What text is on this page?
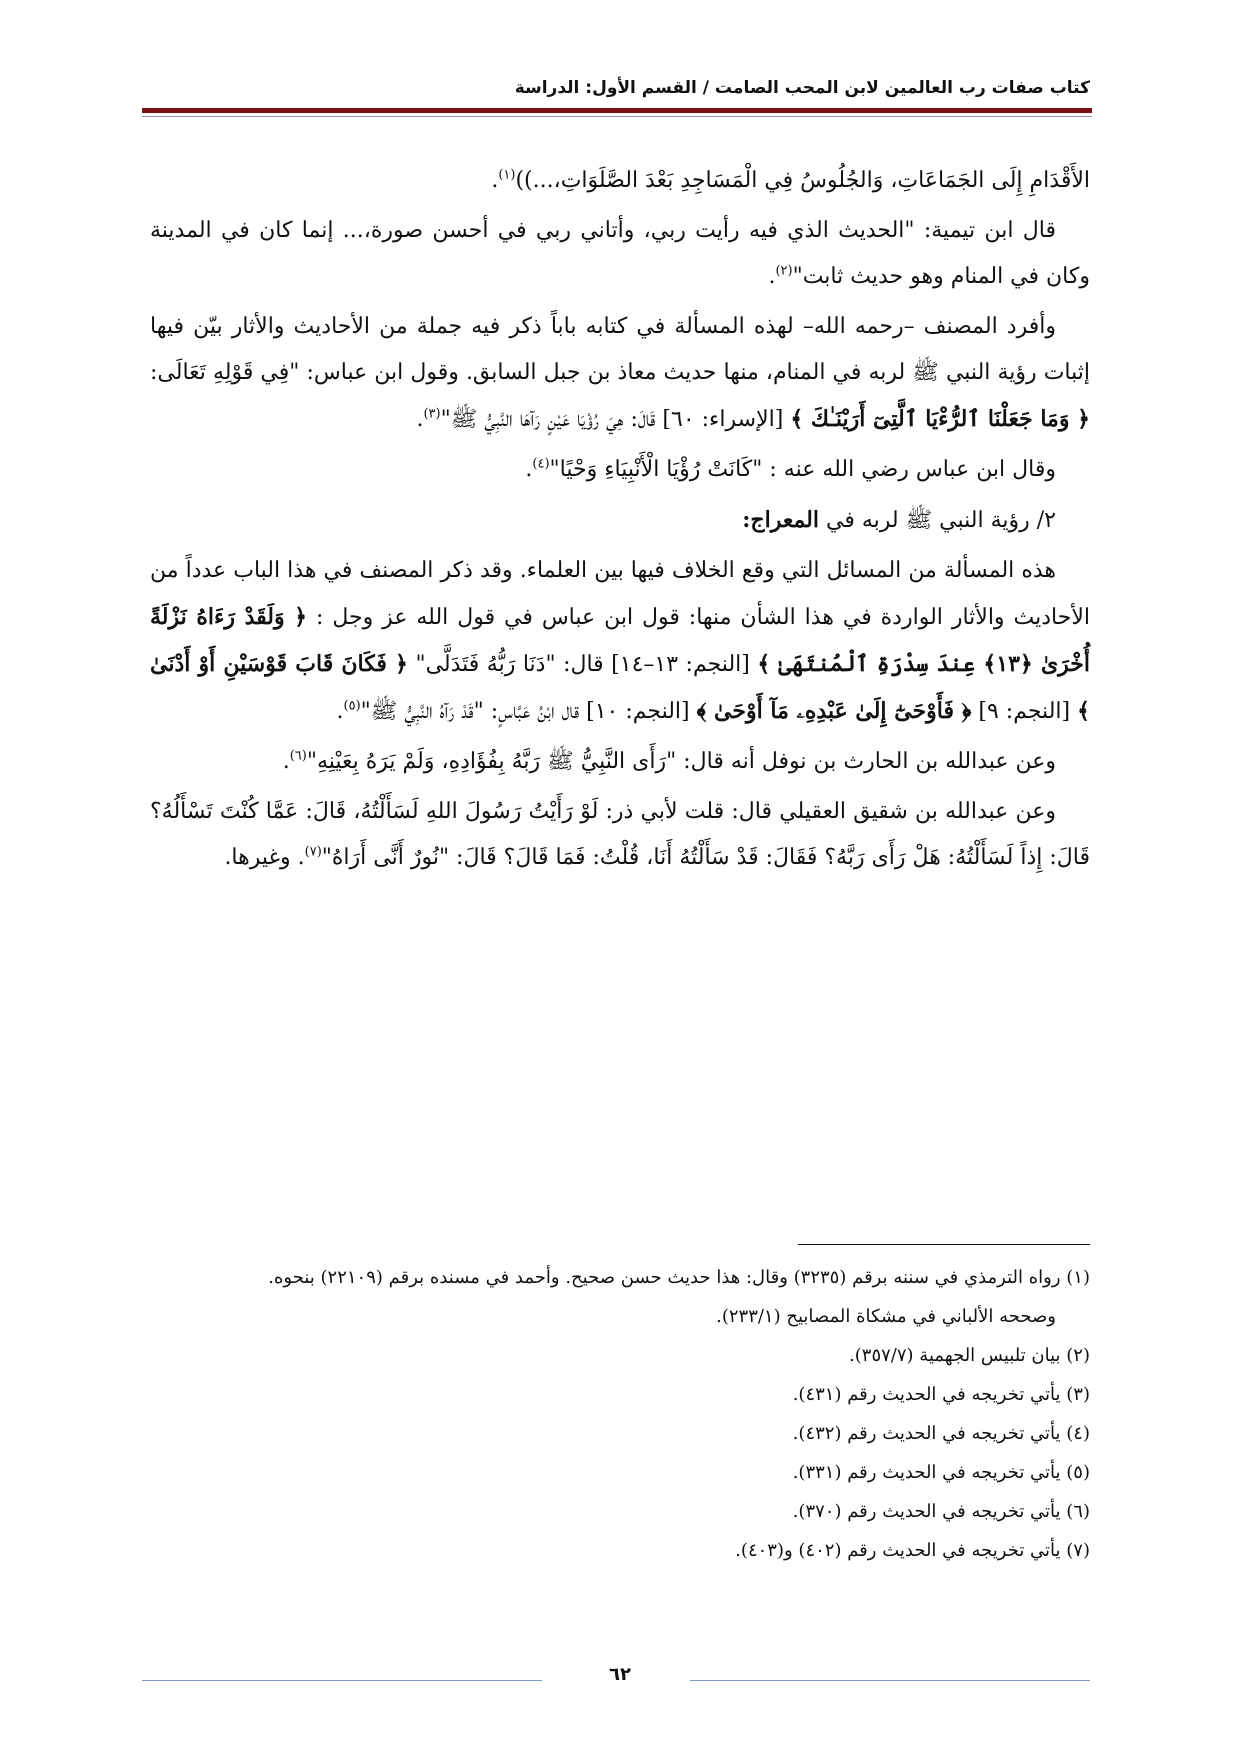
كتاب صفات رب العالمين لابن المحب الصامت / القسم الأول: الدراسة

الأَقْدَامِ إِلَى الجَمَاعَاتِ، وَالجُلُوسُ فِي الْمَسَاجِدِ بَعْدَ الصَّلَوَاتِ،...))$^{(١)}$.

قال ابن تيمية: "الحديث الذي فيه رأيت ربي، وأتاني ربي في أحسن صورة،... إنما كان في المدينة وكان في المنام وهو حديث ثابت"$^{(٢)}$.

وأفرد المصنف –رحمه الله– لهذه المسألة في كتابه باباً ذكر فيه جملة من الأحاديث والأثار بيّن فيها إثبات رؤية النبي ﷺ لربه في المنام، منها حديث معاذ بن جبل السابق. وقول ابن عباس: "فِي قَوْلِهِ تَعَالَى: ﴿ وَمَا جَعَلْنَا ٱلرُّءْيَا ٱلَّتِىٓ أَرَيْنَـٰكَ ﴾ [الإسراء: ٦٠] قَالَ: هِيَ رُؤْيَا عَيْنٍ رَآهَا النَّبِيُّ ﷺ"$^{(٣)}$.

وقال ابن عباس رضي الله عنه : "كَانَتْ رُؤْيَا الْأَنْبِيَاءِ وَحْيًا"$^{(٤)}$.

٢/ رؤية النبي ﷺ لربه في المعراج:

هذه المسألة من المسائل التي وقع الخلاف فيها بين العلماء. وقد ذكر المصنف في هذا الباب عدداً من الأحاديث والأثار الواردة في هذا الشأن منها: قول ابن عباس في قول الله عز وجل : ﴿ وَلَقَدْ رَءَاهُ نَزْلَةً أُخْرَىٰ ﴿١٣﴾ عِندَ سِدْرَةِ ٱلْمُنتَهَىٰ ﴾ [النجم: ١٣–١٤] قال: "دَنَا رَبُّهُ فَتَدَلَّى" ﴿ فَكَانَ قَابَ قَوْسَيْنِ أَوْ أَدْنَىٰ ﴾ [النجم: ٩] ﴿ فَأَوْحَىٰٓ إِلَىٰ عَبْدِهِۦ مَآ أَوْحَىٰ ﴾ [النجم: ١٠] قال ابْنُ عَبَّاسٍ: "قَدْ رَآهُ النَّبِيُّ ﷺ"$^{(٥)}$.

وعن عبدالله بن الحارث بن نوفل أنه قال: "رَأَى النَّبِيُّ ﷺ رَبَّهُ بِفُؤَادِهِ، وَلَمْ يَرَهُ بِعَيْنِهِ"$^{(٦)}$.

وعن عبدالله بن شقيق العقيلي قال: قلت لأبي ذر: لَوْ رَأَيْتُ رَسُولَ اللهِ لَسَأَلْتُهُ، قَالَ: عَمَّا كُنْتَ تَسْأَلُهُ؟ قَالَ: إِذاً لَسَأَلْتُهُ: هَلْ رَأَى رَبَّهُ؟ فَقَالَ: قَدْ سَأَلْتُهُ أَنَا، قُلْتُ: فَمَا قَالَ؟ قَالَ: "نُورٌ أَنَّى أَرَاهُ"$^{(٧)}$. وغيرها.

(١) رواه الترمذي في سننه برقم (٣٢٣٥) وقال: هذا حديث حسن صحيح. وأحمد في مسنده برقم (٢٢١٠٩) بنحوه.

وصححه الألباني في مشكاة المصابيح (٢٣٣/١).

(٢) بيان تلبيس الجهمية (٣٥٧/٧).

(٣) يأتي تخريجه في الحديث رقم (٤٣١).

(٤) يأتي تخريجه في الحديث رقم (٤٣٢).

(٥) يأتي تخريجه في الحديث رقم (٣٣١).

(٦) يأتي تخريجه في الحديث رقم (٣٧٠).

(٧) يأتي تخريجه في الحديث رقم (٤٠٢) و(٤٠٣).

٦٢
